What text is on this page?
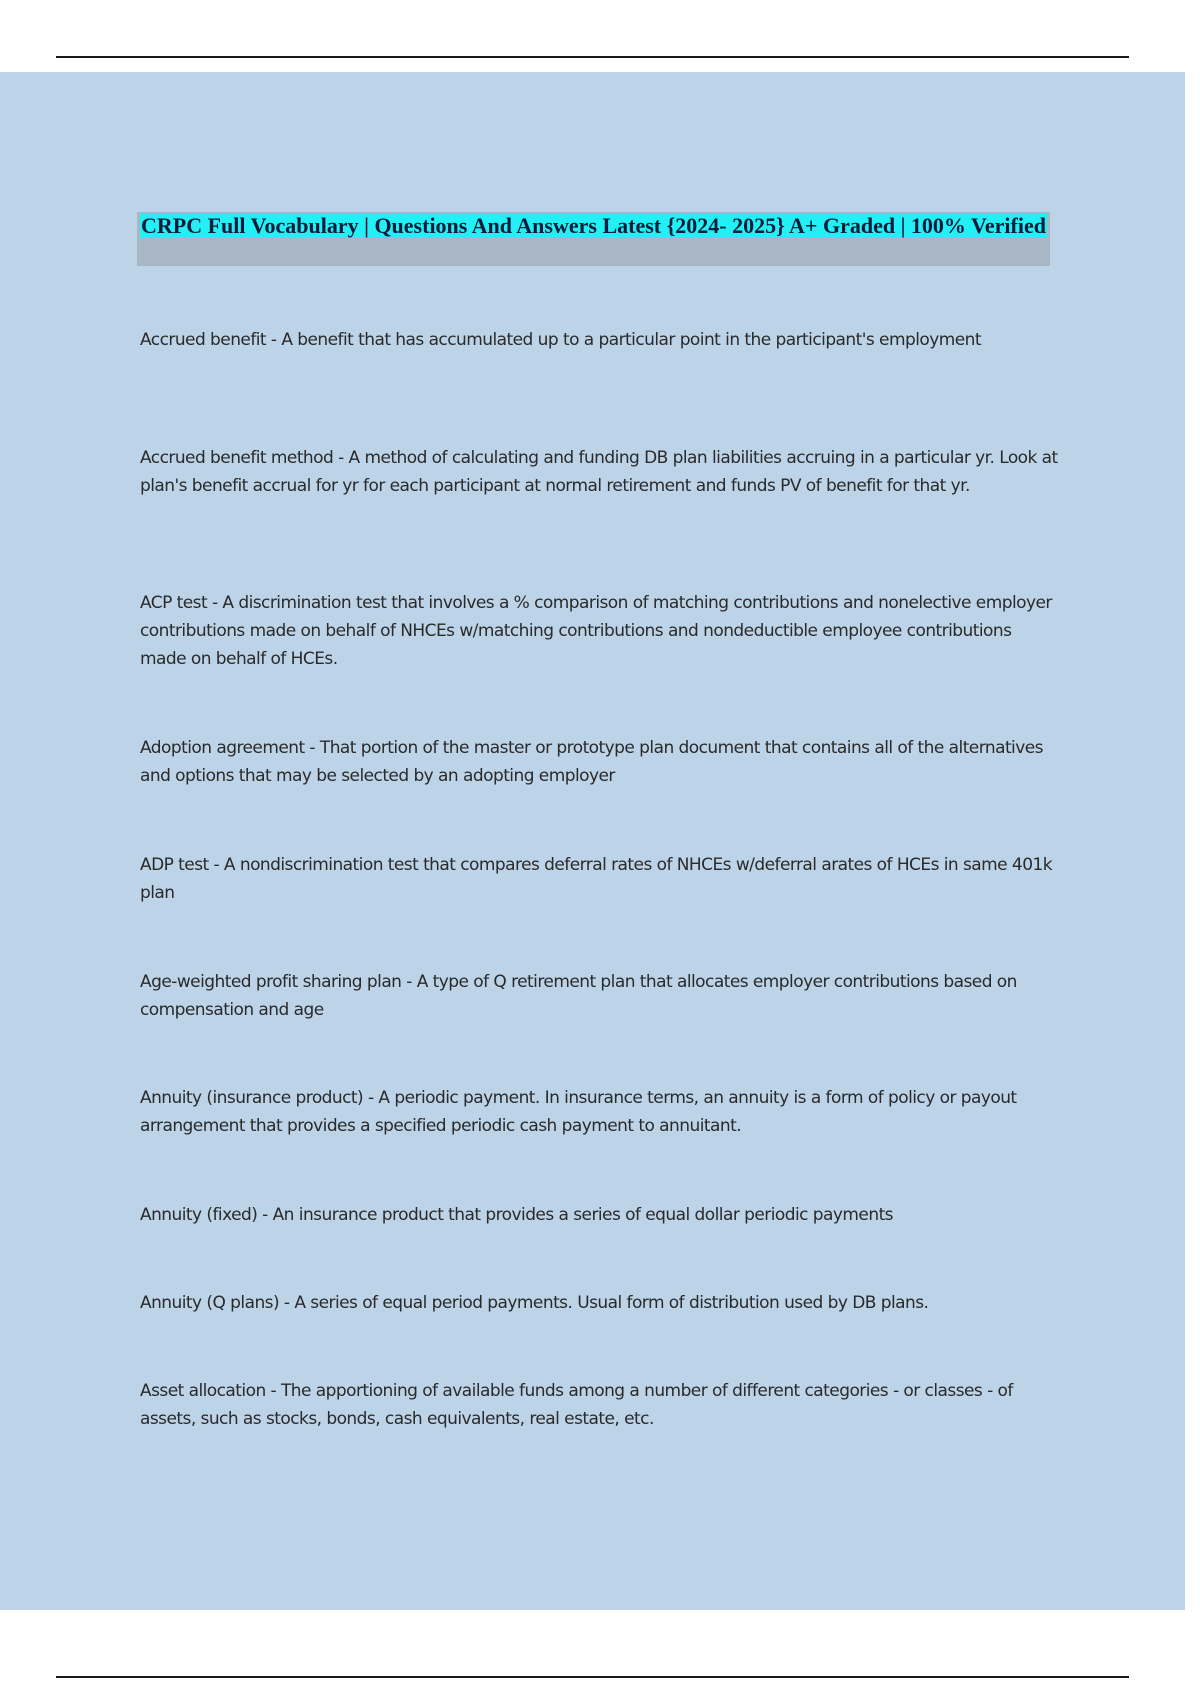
CRPC Full Vocabulary | Questions And Answers Latest {2024- 2025} A+ Graded | 100% Verified

Accrued benefit - A benefit that has accumulated up to a particular point in the participant's employment

Accrued benefit method - A method of calculating and funding DB plan liabilities accruing in a particular yr. Look at plan's benefit accrual for yr for each participant at normal retirement and funds PV of benefit for that yr.

ACP test - A discrimination test that involves a % comparison of matching contributions and nonelective employer contributions made on behalf of NHCEs w/matching contributions and nondeductible employee contributions made on behalf of HCEs.

Adoption agreement - That portion of the master or prototype plan document that contains all of the alternatives and options that may be selected by an adopting employer

ADP test - A nondiscrimination test that compares deferral rates of NHCEs w/deferral arates of HCEs in same 401k plan

Age-weighted profit sharing plan - A type of Q retirement plan that allocates employer contributions based on compensation and age

Annuity (insurance product) - A periodic payment. In insurance terms, an annuity is a form of policy or payout arrangement that provides a specified periodic cash payment to annuitant.

Annuity (fixed) - An insurance product that provides a series of equal dollar periodic payments

Annuity (Q plans) - A series of equal period payments. Usual form of distribution used by DB plans.

Asset allocation - The apportioning of available funds among a number of different categories - or classes - of assets, such as stocks, bonds, cash equivalents, real estate, etc.
